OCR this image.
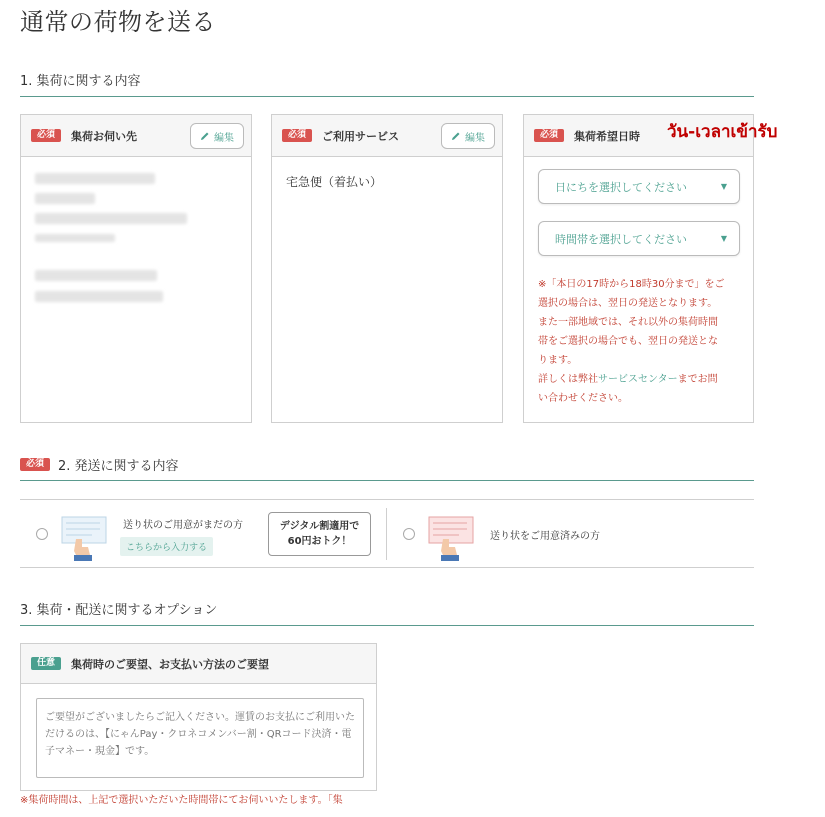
通常の荷物を送る
1. 集荷に関する内容
必須	集荷お伺い先	編集	必須	ご利用サービス	編集
宅急便（着払い）
必須	集荷希望日時
日にちを選択してください	▼
時間帯を選択してください	▼
※「本日の17時から18時30分まで」をご
選択の場合は、翌日の発送となります。
また一部地域では、それ以外の集荷時間
帯をご選択の場合でも、翌日の発送とな
ります。
詳しくは弊社サービスセンターまでお問
い合わせください。
วัน-เวลาเข้ารับ
必須	2. 発送に関する内容
送り状のご用意がまだの方
こちらから入力する
デジタル割適用で
60円おトク！	送り状をご用意済みの方
3. 集荷・配送に関するオプション
任意	集荷時のご要望、お支払い方法のご要望
ご要望がございましたらご記入ください。運賃のお支払にご利用いただけるのは、【にゃんPay・クロネコメンバー割・QRコード決済・電子マネー・現金】です。
※集荷時間は、上記で選択いただいた時間帯にてお伺いいたします。「集
